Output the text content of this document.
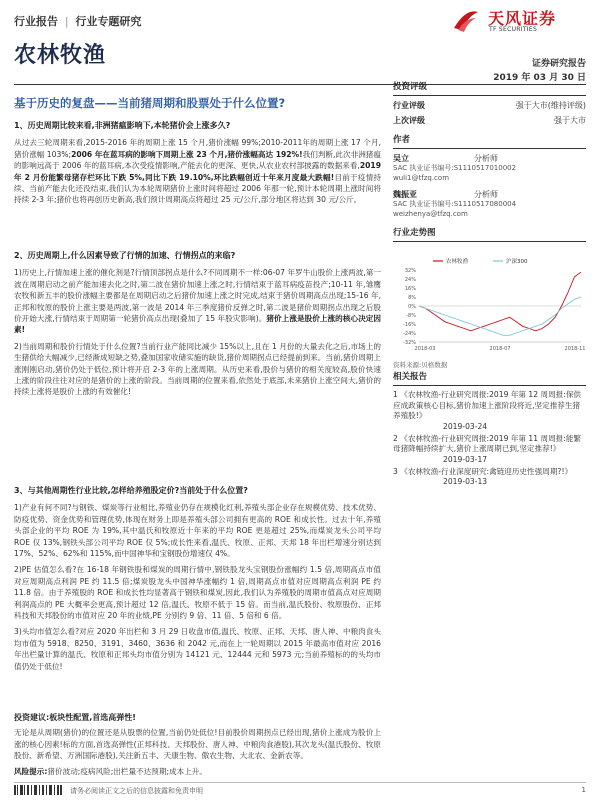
行业报告 | 行业专题研究	天风证券
TF SECURITIES
农林牧渔	证券研究报告
2019 年 03 月 30 日
基于历史的复盘——当前猪周期和股票处于什么位置?

1、历史周期比较来看,非洲猪瘟影响下,本轮猪价会上涨多久?

从过去三轮周期来看,2015-2016 年的周期上涨 15 个月,猪价涨幅 99%;2010-2011年的周期上涨 17 个月,猪价涨幅 103%;2006 年在蓝耳病的影响下周期上涨 23 个月,猪价涨幅高达 192%!我们判断,此次非洲猪瘟的影响远高于 2006 年的蓝耳病,本次受疫情影响,产能去化的更深、更快,从农业农村部披露的数据来看,2019 年 2 月份能繁母猪存栏环比下跌 5%,同比下跌 19.10%,环比跌幅创近十年来月度最大跌幅!目前于疫情持续、当前产能去化还没结束,我们认为本轮周期猪价上涨时间将超过 2006 年那一轮,预计本轮周期上涨时间将持续 2-3 年;猪价也将再创历史新高,我们预计周期高点将超过 25 元/公斤,部分地区将达到 30 元/公斤。

2、历史周期上,什么因素导致了行情的加速、行情拐点的来临?

1)历史上,行情加速上涨的催化剂是?行情顶部拐点是什么?不同周期不一样:06-07 年罗牛山股价上涨两波,第一波在周期启动之前产能加速去化之时,第二波在猪价加速上涨之时,行情结束于蓝耳病疫苗投产;10-11 年,雏鹰农牧和新五丰的股价涨幅主要都是在周期启动之后猪价加速上涨之时完成,结束于猪价周期高点出现;15-16 年,正邦和牧原的股价上涨主要是两波,第一波是 2014 年三季度猪价反弹之时,第二波是猪价周期拐点出现之后股价开始大涨,行情结束于周期第一轮猪价高点出现(叠加了 15 年股灾影响)。猪价上涨是股价上涨的核心决定因素!

2)当前周期和股价行情处于什么位置?当前行业产能同比减少 15%以上,且在 1 月份的大量去化之后,市场上的生猪供给大幅减少,已经渐成短缺之势,叠加国家收储实施的缺货,猪价周期拐点已经提前到来。当前,猪价周期上涨刚刚启动,猪价仍处于低位,预计将开启 2-3 年的上涨周期。从历史来看,股价与猪价的相关度较高,股价快速上涨的阶段往往对应的是猪价的上涨的阶段。当前周期的位置来看,依然处于底部,未来猪价上涨空间大,猪价的持续上涨将是股价上涨的有效催化!

3、与其他周期性行业比较,怎样给养殖股定价?当前处于什么位置?

1)产业有何不同?与钢铁、煤炭等行业相比,养殖业仍存在规模化红利,养殖头部企业存在规模优势、技术优势、防疫优势、资金优势和管理优势,体现在财务上即是养殖头部公司拥有更高的 ROE 和成长性。过去十年,养殖头部企业的平均 ROE 为 19%,其中温氏和牧原近十年来的平均 ROE 更是超过 25%,而煤炭龙头公司平均 ROE 仅 13%,钢铁头部公司平均 ROE 仅 5%;成长性来看,温氏、牧原、正邦、天邦 18 年出栏增速分别达到 17%、52%、62%和 115%,而中国神华和宝钢股份增速仅 4%。

2)PE 估值怎么看?在 16-18 年钢铁股和煤炭的周期行情中,钢铁股龙头宝钢股份涨幅约 1.5 倍,周期高点市值对应周期高点利润 PE 约 11.5 倍;煤炭股龙头中国神华涨幅约 1 倍,周期高点市值对应周期高点利润 PE 约 11.8 倍。由于养殖股的 ROE 和成长性均显著高于钢铁和煤炭,因此,我们认为养殖股的周期市值高点对应周期利润高点的 PE 大概率会更高,预计超过 12 倍,温氏、牧原不低于 15 倍。而当前,温氏股份、牧原股份、正邦科技和天邦股份的市值对应 20 年的业绩,PE 分别约 9 倍、11 倍、5 倍和 6 倍。

3)头均市值怎么看?对应 2020 年出栏和 3 月 29 日收盘市值,温氏、牧原、正邦、天邦、唐人神、中粮肉食头均市值为 5918、8250、3191、3460、3636 和 2042 元,而在上一轮周期以 2015 年最高市值对应 2016 年出栏量计算的温氏、牧原和正邦头均市值分别为 14121 元、12444 元和 5973 元;当前养殖标的的头均市值仍处于低位!

投资建议:板块性配置,首选高弹性!

无论是从周期(猪价)的位置还是从股票的位置,当前仍处低位!目前股价周期拐点已经出现,猪价上涨成为股价上涨的核心因素!标的方面,首选高弹性(正邦科技、天邦股份、唐人神、中粮肉食港股),其次龙头(温氏股份、牧原股份、新希望、万洲国际港股),关注新五丰、天康生物、傲农生物、大北农、金新农等。

风险提示:猪价波动;疫病风险;出栏量不达预期;成本上升。

投资评级
行业评级	强于大市(维持评级)
上次评级	强于大市
作者
吴立	分析师
SAC 执业证书编号:S1110517010002
wuli1@tfzq.com
魏振亚	分析师
SAC 执业证书编号:S1110517080004
weizhenya@tfzq.com
行业走势图
32%
24%
16%
8%
0%
-8%
-16%
-24%
-32%
2018-03	2018-07	2018-11
农林牧渔	沪深300
资料来源:贝格数据
相关报告
1 《农林牧渔-行业研究周报:2019 年第 12 周周报:保供应成政策核心目标,猪价加速上涨阶段将近,坚定推荐生猪养殖股!》
2019-03-24
2 《农林牧渔-行业研究周报:2019 年第 11 周周报:能繁母猪降幅持续扩大,猪价上涨周期已到,坚定推荐!》
2019-03-17
3 《农林牧渔-行业深度研究:禽链迎历史性强周期?!》
2019-03-13
请务必阅读正文之后的信息披露和免责申明	1
